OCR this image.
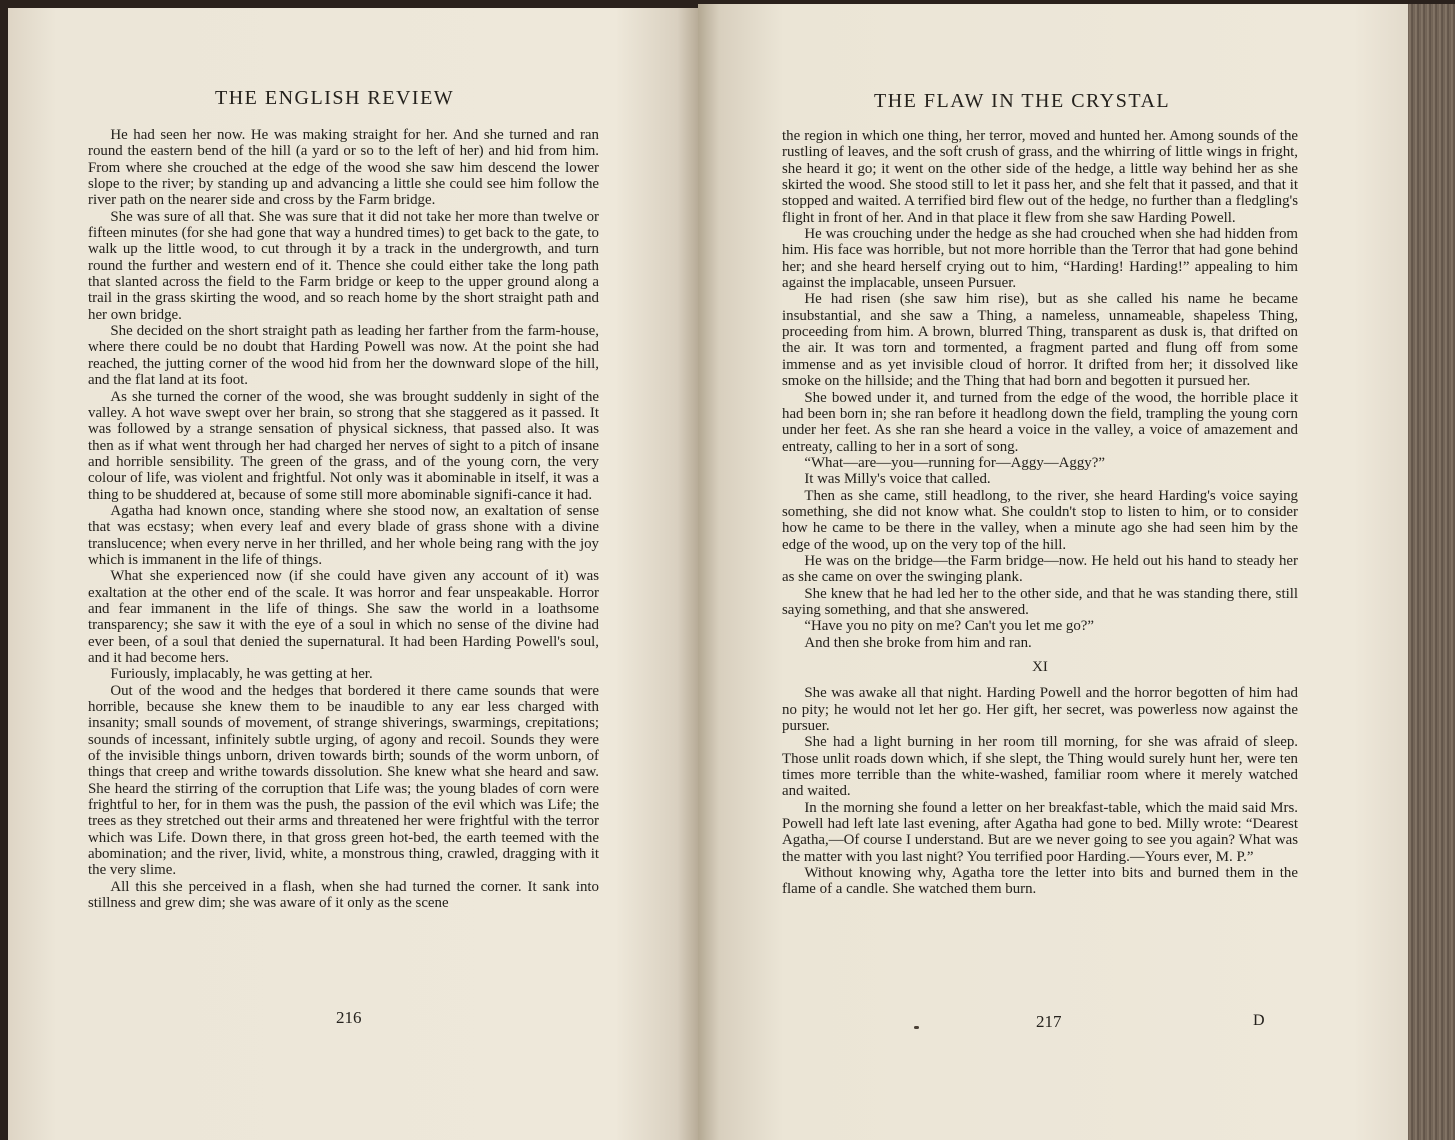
THE ENGLISH REVIEW

He had seen her now. He was making straight for her. And she turned and ran round the eastern bend of the hill (a yard or so to the left of her) and hid from him. From where she crouched at the edge of the wood she saw him descend the lower slope to the river; by standing up and advancing a little she could see him follow the river path on the nearer side and cross by the Farm bridge.

She was sure of all that. She was sure that it did not take her more than twelve or fifteen minutes (for she had gone that way a hundred times) to get back to the gate, to walk up the little wood, to cut through it by a track in the undergrowth, and turn round the further and western end of it. Thence she could either take the long path that slanted across the field to the Farm bridge or keep to the upper ground along a trail in the grass skirting the wood, and so reach home by the short straight path and her own bridge.

She decided on the short straight path as leading her farther from the farm-house, where there could be no doubt that Harding Powell was now. At the point she had reached, the jutting corner of the wood hid from her the downward slope of the hill, and the flat land at its foot.

As she turned the corner of the wood, she was brought suddenly in sight of the valley. A hot wave swept over her brain, so strong that she staggered as it passed. It was followed by a strange sensation of physical sickness, that passed also. It was then as if what went through her had charged her nerves of sight to a pitch of insane and horrible sensibility. The green of the grass, and of the young corn, the very colour of life, was violent and frightful. Not only was it abominable in itself, it was a thing to be shuddered at, because of some still more abominable signifi-cance it had.

Agatha had known once, standing where she stood now, an exaltation of sense that was ecstasy; when every leaf and every blade of grass shone with a divine translucence; when every nerve in her thrilled, and her whole being rang with the joy which is immanent in the life of things.

What she experienced now (if she could have given any account of it) was exaltation at the other end of the scale. It was horror and fear unspeakable. Horror and fear immanent in the life of things. She saw the world in a loathsome transparency; she saw it with the eye of a soul in which no sense of the divine had ever been, of a soul that denied the supernatural. It had been Harding Powell's soul, and it had become hers.

Furiously, implacably, he was getting at her.

Out of the wood and the hedges that bordered it there came sounds that were horrible, because she knew them to be inaudible to any ear less charged with insanity; small sounds of movement, of strange shiverings, swarmings, crepitations; sounds of incessant, infinitely subtle urging, of agony and recoil. Sounds they were of the invisible things unborn, driven towards birth; sounds of the worm unborn, of things that creep and writhe towards dissolution. She knew what she heard and saw. She heard the stirring of the corruption that Life was; the young blades of corn were frightful to her, for in them was the push, the passion of the evil which was Life; the trees as they stretched out their arms and threatened her were frightful with the terror which was Life. Down there, in that gross green hot-bed, the earth teemed with the abomination; and the river, livid, white, a monstrous thing, crawled, dragging with it the very slime.

All this she perceived in a flash, when she had turned the corner. It sank into stillness and grew dim; she was aware of it only as the scene

216
THE FLAW IN THE CRYSTAL

the region in which one thing, her terror, moved and hunted her. Among sounds of the rustling of leaves, and the soft crush of grass, and the whirring of little wings in fright, she heard it go; it went on the other side of the hedge, a little way behind her as she skirted the wood. She stood still to let it pass her, and she felt that it passed, and that it stopped and waited. A terrified bird flew out of the hedge, no further than a fledgling's flight in front of her. And in that place it flew from she saw Harding Powell.

He was crouching under the hedge as she had crouched when she had hidden from him. His face was horrible, but not more horrible than the Terror that had gone behind her; and she heard herself crying out to him, “Harding! Harding!” appealing to him against the implacable, unseen Pursuer.

He had risen (she saw him rise), but as she called his name he became insubstantial, and she saw a Thing, a nameless, unnameable, shapeless Thing, proceeding from him. A brown, blurred Thing, transparent as dusk is, that drifted on the air. It was torn and tormented, a fragment parted and flung off from some immense and as yet invisible cloud of horror. It drifted from her; it dissolved like smoke on the hillside; and the Thing that had born and begotten it pursued her.

She bowed under it, and turned from the edge of the wood, the horrible place it had been born in; she ran before it headlong down the field, trampling the young corn under her feet. As she ran she heard a voice in the valley, a voice of amazement and entreaty, calling to her in a sort of song.

“What—are—you—running for—Aggy—Aggy?”

It was Milly's voice that called.

Then as she came, still headlong, to the river, she heard Harding's voice saying something, she did not know what. She couldn't stop to listen to him, or to consider how he came to be there in the valley, when a minute ago she had seen him by the edge of the wood, up on the very top of the hill.

He was on the bridge—the Farm bridge—now. He held out his hand to steady her as she came on over the swinging plank.

She knew that he had led her to the other side, and that he was standing there, still saying something, and that she answered.

“Have you no pity on me? Can't you let me go?”

And then she broke from him and ran.

XI

She was awake all that night. Harding Powell and the horror begotten of him had no pity; he would not let her go. Her gift, her secret, was powerless now against the pursuer.

She had a light burning in her room till morning, for she was afraid of sleep. Those unlit roads down which, if she slept, the Thing would surely hunt her, were ten times more terrible than the white-washed, familiar room where it merely watched and waited.

In the morning she found a letter on her breakfast-table, which the maid said Mrs. Powell had left late last evening, after Agatha had gone to bed. Milly wrote: “Dearest Agatha,—Of course I understand. But are we never going to see you again? What was the matter with you last night? You terrified poor Harding.—Yours ever, M. P.”

Without knowing why, Agatha tore the letter into bits and burned them in the flame of a candle. She watched them burn.

217	D
